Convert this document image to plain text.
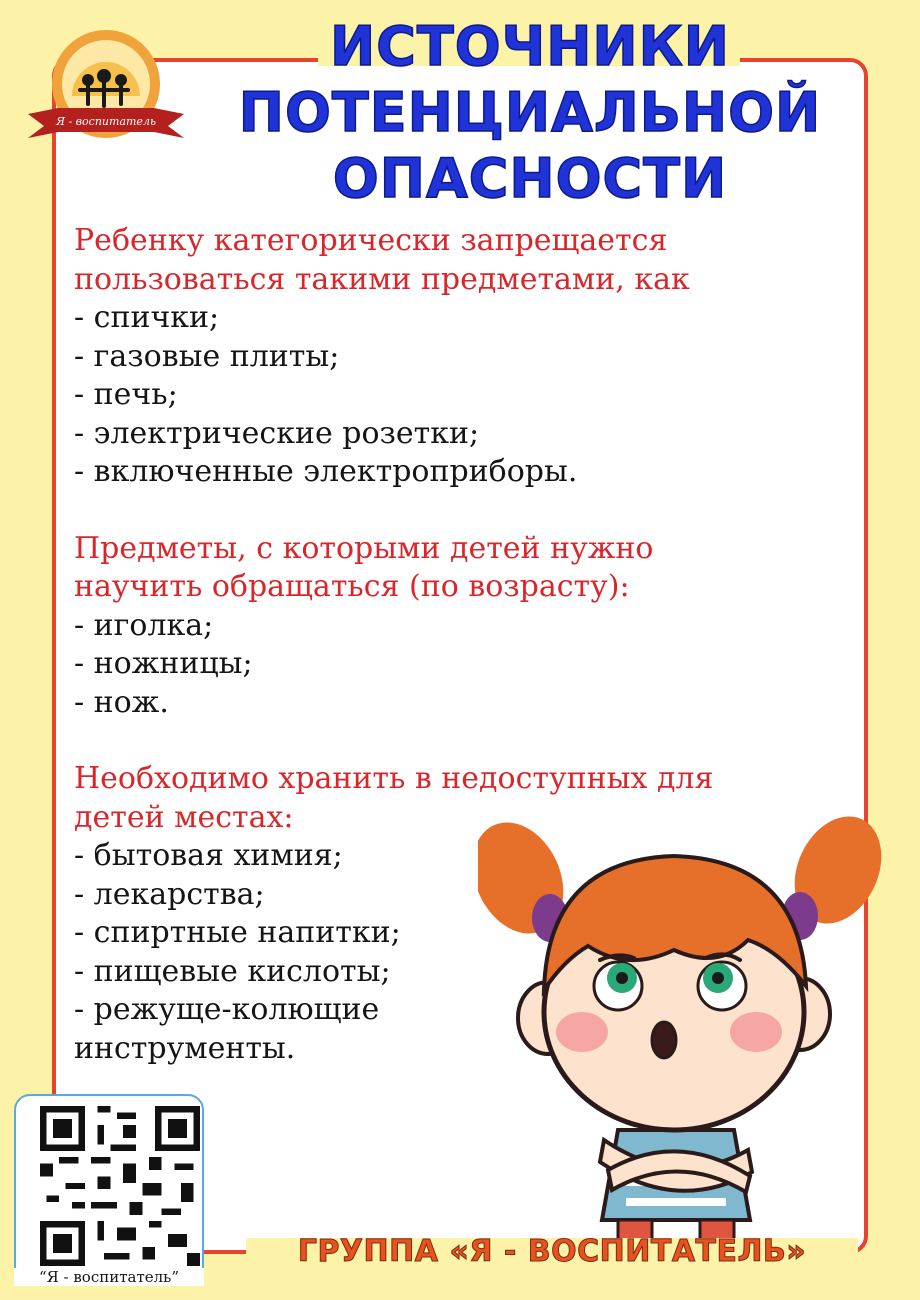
ИСТОЧНИКИ
ПОТЕНЦИАЛЬНОЙ
ОПАСНОСТИ
Я - воспитатель
Ребенку категорически запрещается
пользоваться такими предметами, как
- спички;
- газовые плиты;
- печь;
- электрические розетки;
- включенные электроприборы.
Предметы, с которыми детей нужно
научить обращаться (по возрасту):
- иголка;
- ножницы;
- нож.
Необходимо хранить в недоступных для
детей местах:
- бытовая химия;
- лекарства;
- спиртные напитки;
- пищевые кислоты;
- режуще-колющие
инструменты.
“Я - воспитатель”
ГРУППА «Я - ВОСПИТАТЕЛЬ»
